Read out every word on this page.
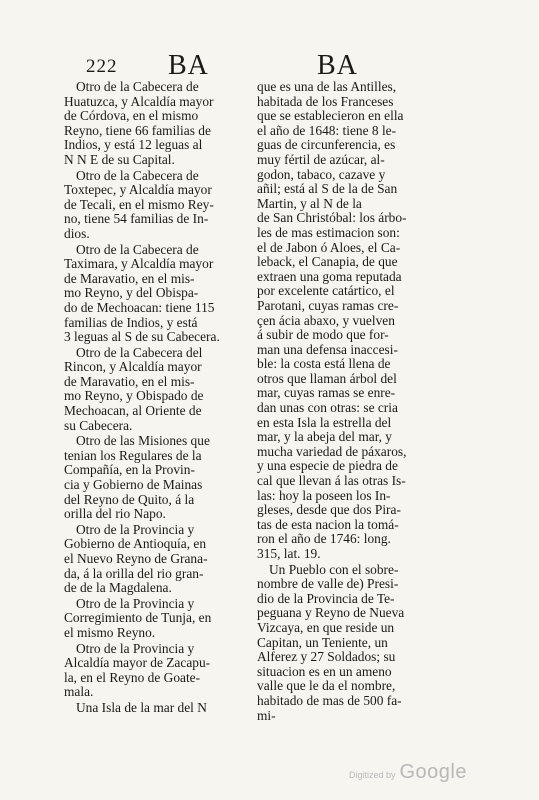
222 BA	BA
Otro de la Cabecera de
Huatuzca, y Alcaldía mayor
de Córdova, en el mismo
Reyno, tiene 66 familias de
Indios, y está 12 leguas al
N N E de su Capital.
Otro de la Cabecera de
Toxtepec, y Alcaldía mayor
de Tecali, en el mismo Rey-
no, tiene 54 familias de In-
dios.
Otro de la Cabecera de
Taximara, y Alcaldía mayor
de Maravatio, en el mis-
mo Reyno, y del Obispa-
do de Mechoacan: tiene 115
familias de Indios, y está
3 leguas al S de su Cabecera.
Otro de la Cabecera del
Rincon, y Alcaldía mayor
de Maravatio, en el mis-
mo Reyno, y Obispado de
Mechoacan, al Oriente de
su Cabecera.
Otro de las Misiones que
tenian los Regulares de la
Compañía, en la Provin-
cia y Gobierno de Mainas
del Reyno de Quito, á la
orilla del rio Napo.
Otro de la Provincia y
Gobierno de Antioquía, en
el Nuevo Reyno de Grana-
da, á la orilla del rio gran-
de de la Magdalena.
Otro de la Provincia y
Corregimiento de Tunja, en
el mismo Reyno.
Otro de la Provincia y
Alcaldía mayor de Zacapu-
la, en el Reyno de Goate-
mala.
Una Isla de la mar del N
que es una de las Antilles,
habitada de los Franceses
que se establecieron en ella
el año de 1648: tiene 8 le-
guas de circunferencia, es
muy fértil de azúcar, al-
godon, tabaco, cazave y
añil; está al S de la de San
Martin, y al N de la
de San Christóbal: los árbo-
les de mas estimacion son:
el de Jabon ó Aloes, el Ca-
leback, el Canapia, de que
extraen una goma reputada
por excelente catártico, el
Parotani, cuyas ramas cre-
çen ácia abaxo, y vuelven
á subir de modo que for-
man una defensa inaccesi-
ble: la costa está llena de
otros que llaman árbol del
mar, cuyas ramas se enre-
dan unas con otras: se cria
en esta Isla la estrella del
mar, y la abeja del mar, y
mucha variedad de páxaros,
y una especie de piedra de
cal que llevan á las otras Is-
las: hoy la poseen los In-
gleses, desde que dos Pira-
tas de esta nacion la tomá-
ron el año de 1746: long.
315, lat. 19.
Un Pueblo con el sobre-
nombre de valle de) Presi-
dio de la Provincia de Te-
peguana y Reyno de Nueva
Vizcaya, en que reside un
Capitan, un Teniente, un
Alferez y 27 Soldados; su
situacion es en un ameno
valle que le da el nombre,
habitado de mas de 500 fa-
mi-
Digitized by Google
